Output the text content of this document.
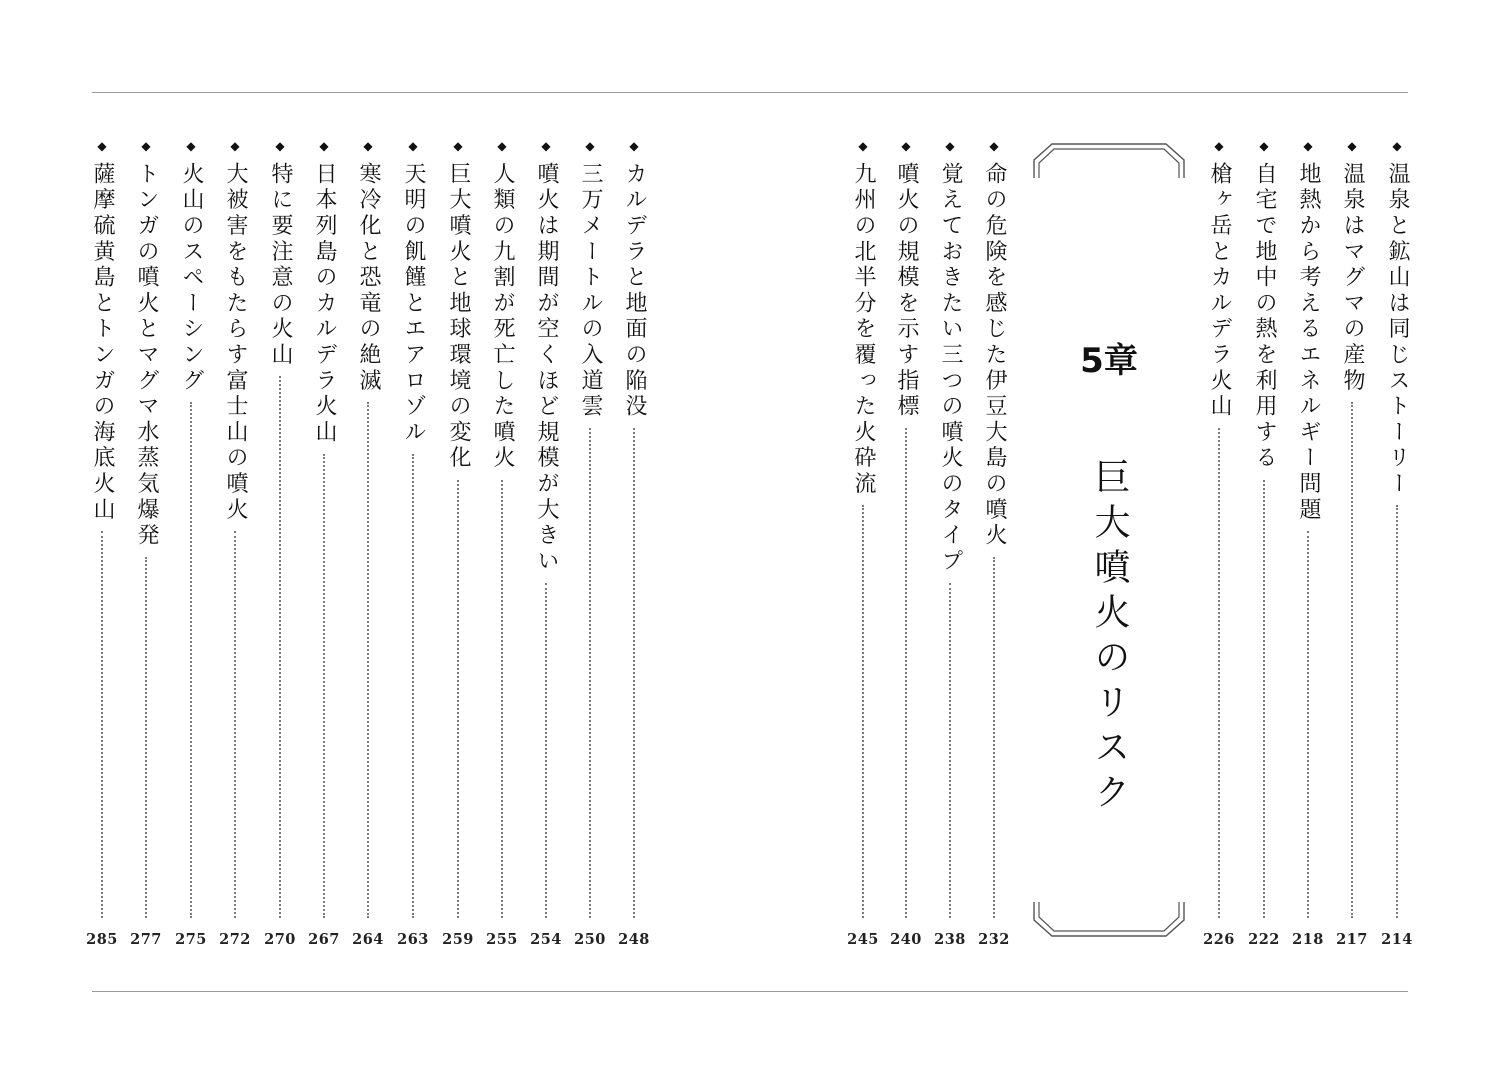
◆
温泉と鉱山は同じストーリー
214
◆
温泉はマグマの産物
217
◆
地熱から考えるエネルギー問題
218
◆
自宅で地中の熱を利用する
222
◆
槍ヶ岳とカルデラ火山
226
5章
巨大噴火のリスク
◆
命の危険を感じた伊豆大島の噴火
232
◆
覚えておきたい三つの噴火のタイプ
238
◆
噴火の規模を示す指標
240
◆
九州の北半分を覆った火砕流
245
◆
カルデラと地面の陥没
248
◆
三万メートルの入道雲
250
◆
噴火は期間が空くほど規模が大きい
254
◆
人類の九割が死亡した噴火
255
◆
巨大噴火と地球環境の変化
259
◆
天明の飢饉とエアロゾル
263
◆
寒冷化と恐竜の絶滅
264
◆
日本列島のカルデラ火山
267
◆
特に要注意の火山
270
◆
大被害をもたらす富士山の噴火
272
◆
火山のスペーシング
275
◆
トンガの噴火とマグマ水蒸気爆発
277
◆
薩摩硫黄島とトンガの海底火山
285
